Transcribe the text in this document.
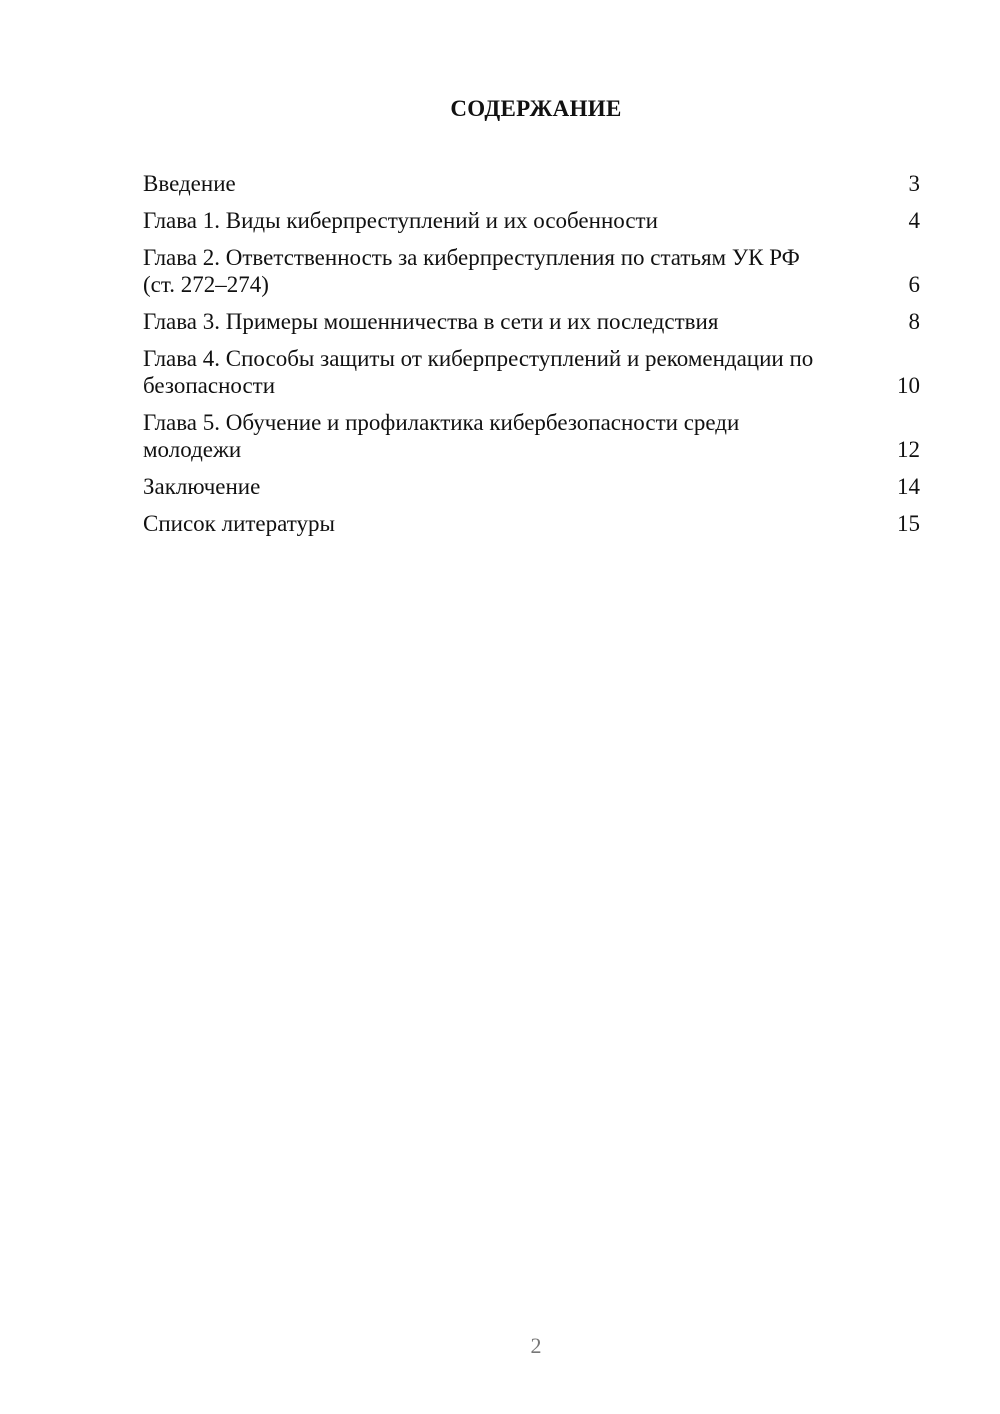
СОДЕРЖАНИЕ
Введение	3
Глава 1. Виды киберпреступлений и их особенности	4
Глава 2. Ответственность за киберпреступления по статьям УК РФ (ст. 272–274)	6
Глава 3. Примеры мошенничества в сети и их последствия	8
Глава 4. Способы защиты от киберпреступлений и рекомендации по безопасности	10
Глава 5. Обучение и профилактика кибербезопасности среди молодежи	12
Заключение	14
Список литературы	15
2
